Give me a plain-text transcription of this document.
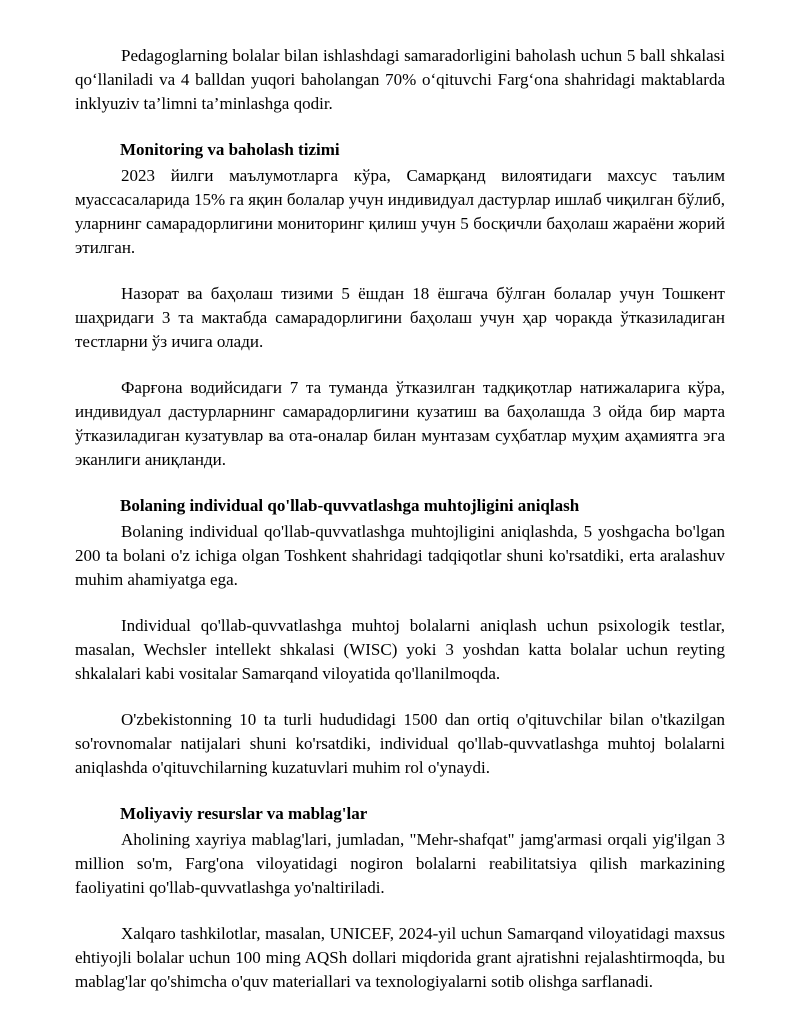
Pedagoglarning bolalar bilan ishlashdagi samaradorligini baholash uchun 5 ball shkalasi qo‘llaniladi va 4 balldan yuqori baholangan 70% o‘qituvchi Farg‘ona shahridagi maktablarda inklyuziv ta’limni ta’minlashga qodir.

Monitoring va baholash tizimi

2023 йилги маълумотларга кўра, Самарқанд вилоятидаги махсус таълим муассасаларида 15% га яқин болалар учун индивидуал дастурлар ишлаб чиқилган бўлиб, уларнинг самарадорлигини мониторинг қилиш учун 5 босқичли баҳолаш жараёни жорий этилган.

Назорат ва баҳолаш тизими 5 ёшдан 18 ёшгача бўлган болалар учун Тошкент шаҳридаги 3 та мактабда самарадорлигини баҳолаш учун ҳар чоракда ўтказиладиган тестларни ўз ичига олади.

Фарғона водийсидаги 7 та туманда ўтказилган тадқиқотлар натижаларига кўра, индивидуал дастурларнинг самарадорлигини кузатиш ва баҳолашда 3 ойда бир марта ўтказиладиган кузатувлар ва ота-оналар билан мунтазам суҳбатлар муҳим аҳамиятга эга эканлиги аниқланди.

Bolaning individual qo'llab-quvvatlashga muhtojligini aniqlash

Bolaning individual qo'llab-quvvatlashga muhtojligini aniqlashda, 5 yoshgacha bo'lgan 200 ta bolani o'z ichiga olgan Toshkent shahridagi tadqiqotlar shuni ko'rsatdiki, erta aralashuv muhim ahamiyatga ega.

Individual qo'llab-quvvatlashga muhtoj bolalarni aniqlash uchun psixologik testlar, masalan, Wechsler intellekt shkalasi (WISC) yoki 3 yoshdan katta bolalar uchun reyting shkalalari kabi vositalar Samarqand viloyatida qo'llanilmoqda.

O'zbekistonning 10 ta turli hududidagi 1500 dan ortiq o'qituvchilar bilan o'tkazilgan so'rovnomalar natijalari shuni ko'rsatdiki, individual qo'llab-quvvatlashga muhtoj bolalarni aniqlashda o'qituvchilarning kuzatuvlari muhim rol o'ynaydi.

Moliyaviy resurslar va mablag'lar

Aholining xayriya mablag'lari, jumladan, "Mehr-shafqat" jamg'armasi orqali yig'ilgan 3 million so'm, Farg'ona viloyatidagi nogiron bolalarni reabilitatsiya qilish markazining faoliyatini qo'llab-quvvatlashga yo'naltiriladi.

Xalqaro tashkilotlar, masalan, UNICEF, 2024-yil uchun Samarqand viloyatidagi maxsus ehtiyojli bolalar uchun 100 ming AQSh dollari miqdorida grant ajratishni rejalashtirmoqda, bu mablag'lar qo'shimcha o'quv materiallari va texnologiyalarni sotib olishga sarflanadi.
